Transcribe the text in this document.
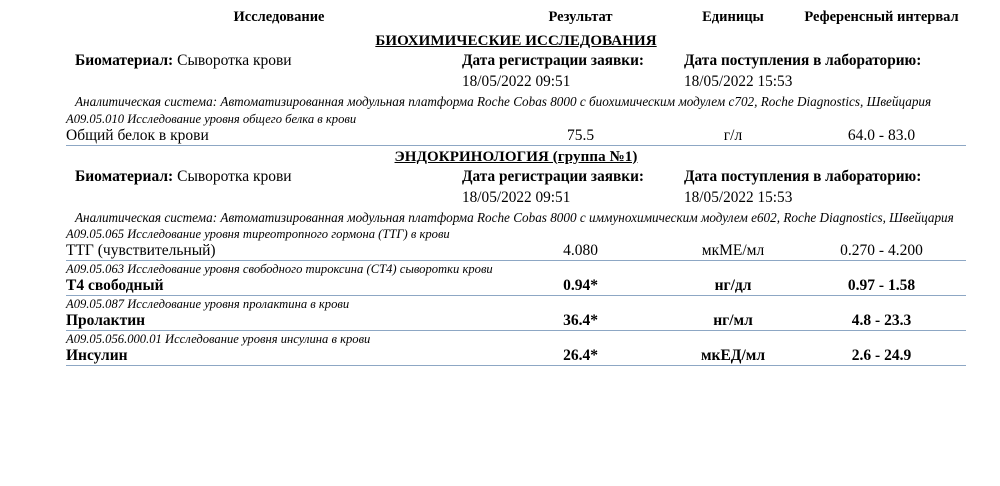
Исследование	Результат	Единицы	Референсный интервал
БИОХИМИЧЕСКИЕ ИССЛЕДОВАНИЯ			

Биоматериал: Сыворотка крови Дата регистрации заявки:
18/05/2022 09:51
Дата поступления в лабораторию:
18/05/2022 15:53			

Аналитическая система: Автоматизированная модульная платформа Roche Cobas 8000 с биохимическим модулем c702, Roche Diagnostics, Швейцария			

A09.05.010 Исследование уровня общего белка в крови			
Общий белок в крови	75.5	г/л	64.0 - 83.0
ЭНДОКРИНОЛОГИЯ (группа №1)			

Биоматериал: Сыворотка крови Дата регистрации заявки:
18/05/2022 09:51
Дата поступления в лабораторию:
18/05/2022 15:53			

Аналитическая система: Автоматизированная модульная платформа Roche Cobas 8000 с иммунохимическим модулем e602, Roche Diagnostics, Швейцария			

A09.05.065 Исследование уровня тиреотропного гормона (ТТГ) в крови			
ТТГ (чувствительный)	4.080	мкМЕ/мл	0.270 - 4.200
A09.05.063 Исследование уровня свободного тироксина (СТ4) сыворотки крови			
Т4 свободный	0.94*	нг/дл	0.97 - 1.58
A09.05.087 Исследование уровня пролактина в крови			
Пролактин	36.4*	нг/мл	4.8 - 23.3
A09.05.056.000.01 Исследование уровня инсулина в крови			
Инсулин	26.4*	мкЕД/мл	2.6 - 24.9
